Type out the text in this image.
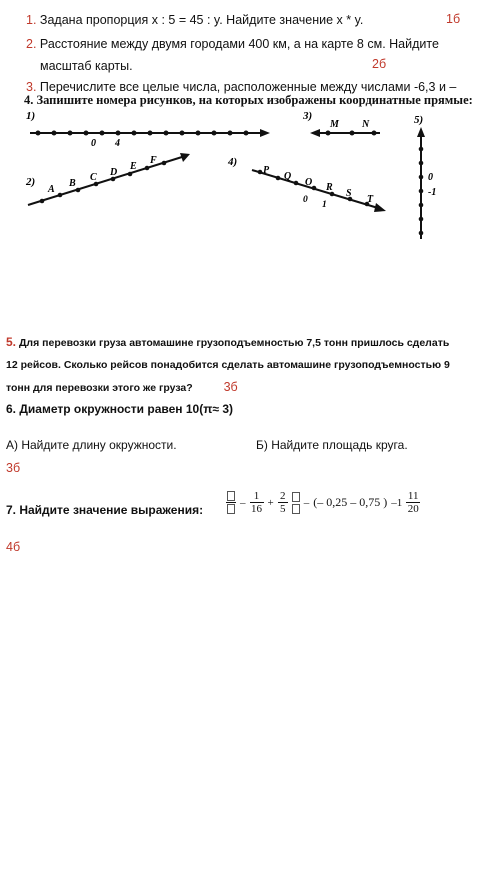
1. Задана пропорция x : 5 = 45 : y. Найдите значение x * y.	1б
2. Расстояние между двумя городами 400 км, а на карте 8 см. Найдите
масштаб карты.	2б
3. Перечислите все целые числа, расположенные между числами -6,3 и –
4. Запишите номера рисунков, на которых изображены координатные прямые:
1)
0 4
2)
A
B
C D
E
F
3)
M N
4)
P
Q
O R
S
T
0 1
5)
0
-1
5. Для перевозки груза автомашине грузоподъемностью 7,5 тонн пришлось сделать
12 рейсов. Сколько рейсов понадобится сделать автомашине грузоподъемностью 9
тонн для перевозки этого же груза? 3б
6. Диаметр окружности равен 10(π≈ 3)
А) Найдите длину окружности.	Б) Найдите площадь круга.
3б
7. Найдите значение выражения:
–
1
16
+
2
5
– (– 0,25 – 0,75 ) –1
11
20
4б
